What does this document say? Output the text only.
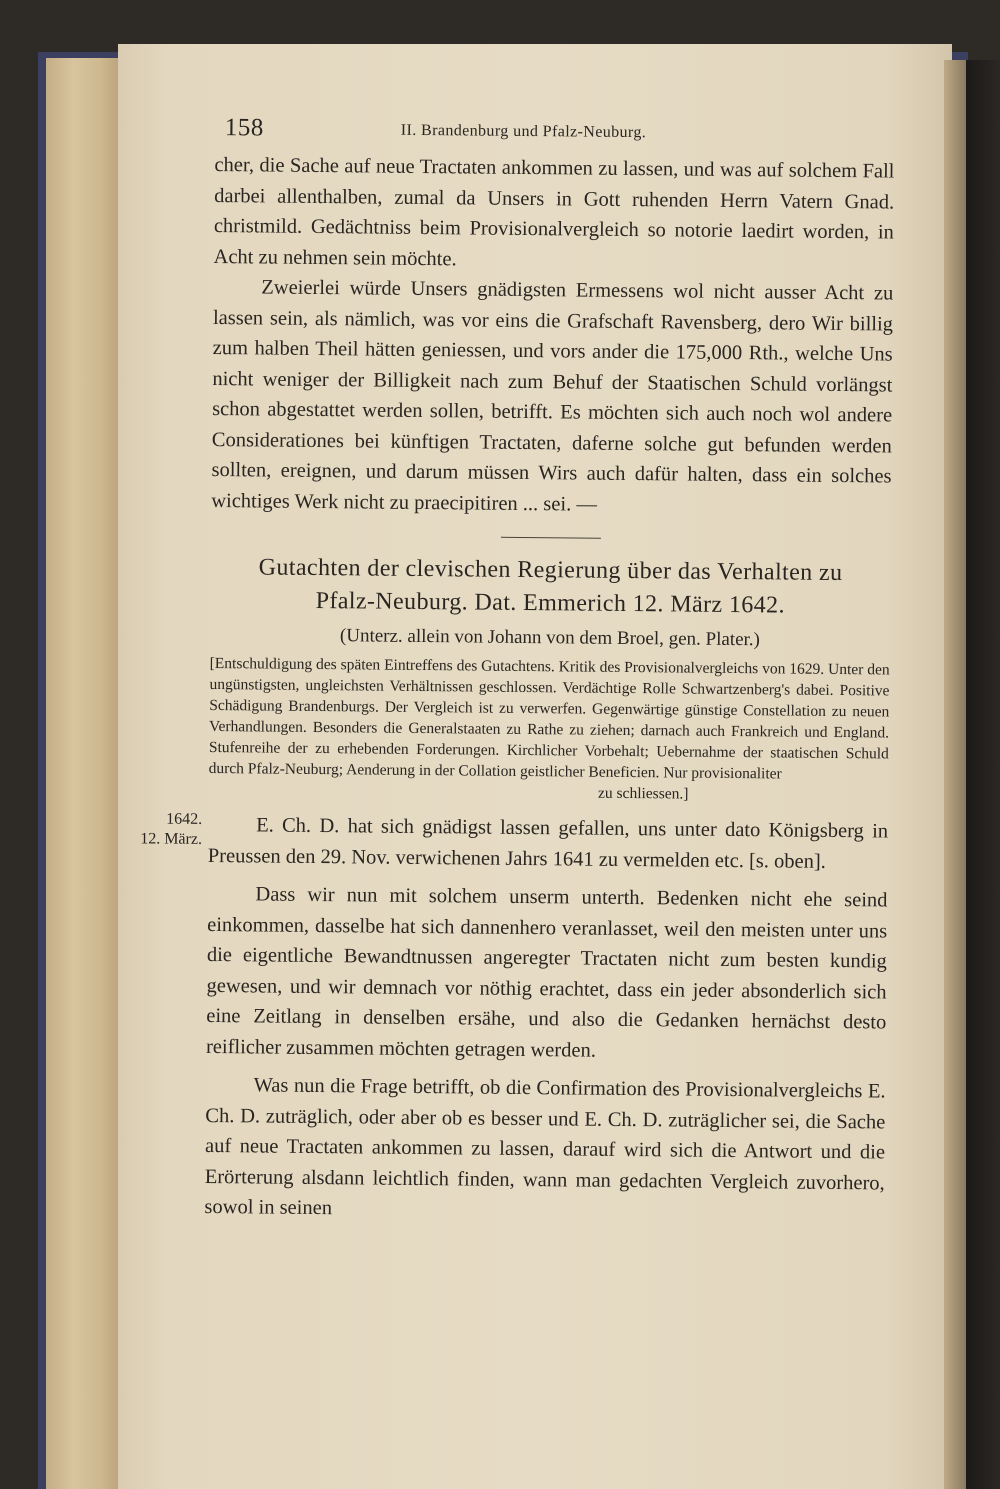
158	II. Brandenburg und Pfalz-Neuburg.

cher, die Sache auf neue Tractaten ankommen zu lassen, und was auf solchem Fall darbei allenthalben, zumal da Unsers in Gott ruhenden Herrn Vatern Gnad. christmild. Gedächtniss beim Provisionalvergleich so notorie laedirt worden, in Acht zu nehmen sein möchte.

Zweierlei würde Unsers gnädigsten Ermessens wol nicht ausser Acht zu lassen sein, als nämlich, was vor eins die Grafschaft Ravensberg, dero Wir billig zum halben Theil hätten geniessen, und vors ander die 175,000 Rth., welche Uns nicht weniger der Billigkeit nach zum Behuf der Staatischen Schuld vorlängst schon abgestattet werden sollen, betrifft. Es möchten sich auch noch wol andere Considerationes bei künftigen Tractaten, daferne solche gut befunden werden sollten, ereignen, und darum müssen Wirs auch dafür halten, dass ein solches wichtiges Werk nicht zu praecipitiren ... sei. —

Gutachten der clevischen Regierung über das Verhalten zu

Pfalz-Neuburg. Dat. Emmerich 12. März 1642.

(Unterz. allein von Johann von dem Broel, gen. Plater.)

[Entschuldigung des späten Eintreffens des Gutachtens. Kritik des Provisionalvergleichs von 1629. Unter den ungünstigsten, ungleichsten Verhältnissen geschlossen. Verdächtige Rolle Schwartzenberg's dabei. Positive Schädigung Brandenburgs. Der Vergleich ist zu verwerfen. Gegenwärtige günstige Constellation zu neuen Verhandlungen. Besonders die Generalstaaten zu Rathe zu ziehen; darnach auch Frankreich und England. Stufenreihe der zu erhebenden Forderungen. Kirchlicher Vorbehalt; Uebernahme der staatischen Schuld durch Pfalz-Neuburg; Aenderung in der Collation geistlicher Beneficien. Nur provisionaliter
zu schliessen.]

1642.
12. März.	E. Ch. D. hat sich gnädigst lassen gefallen, uns unter dato Königsberg in Preussen den 29. Nov. verwichenen Jahrs 1641 zu vermelden etc. [s. oben].

Dass wir nun mit solchem unserm unterth. Bedenken nicht ehe seind einkommen, dasselbe hat sich dannenhero veranlasset, weil den meisten unter uns die eigentliche Bewandtnussen angeregter Tractaten nicht zum besten kundig gewesen, und wir demnach vor nöthig erachtet, dass ein jeder absonderlich sich eine Zeitlang in denselben ersähe, und also die Gedanken hernächst desto reiflicher zusammen möchten getragen werden.

Was nun die Frage betrifft, ob die Confirmation des Provisionalvergleichs E. Ch. D. zuträglich, oder aber ob es besser und E. Ch. D. zuträglicher sei, die Sache auf neue Tractaten ankommen zu lassen, darauf wird sich die Antwort und die Erörterung alsdann leichtlich finden, wann man gedachten Vergleich zuvorhero, sowol in seinen
